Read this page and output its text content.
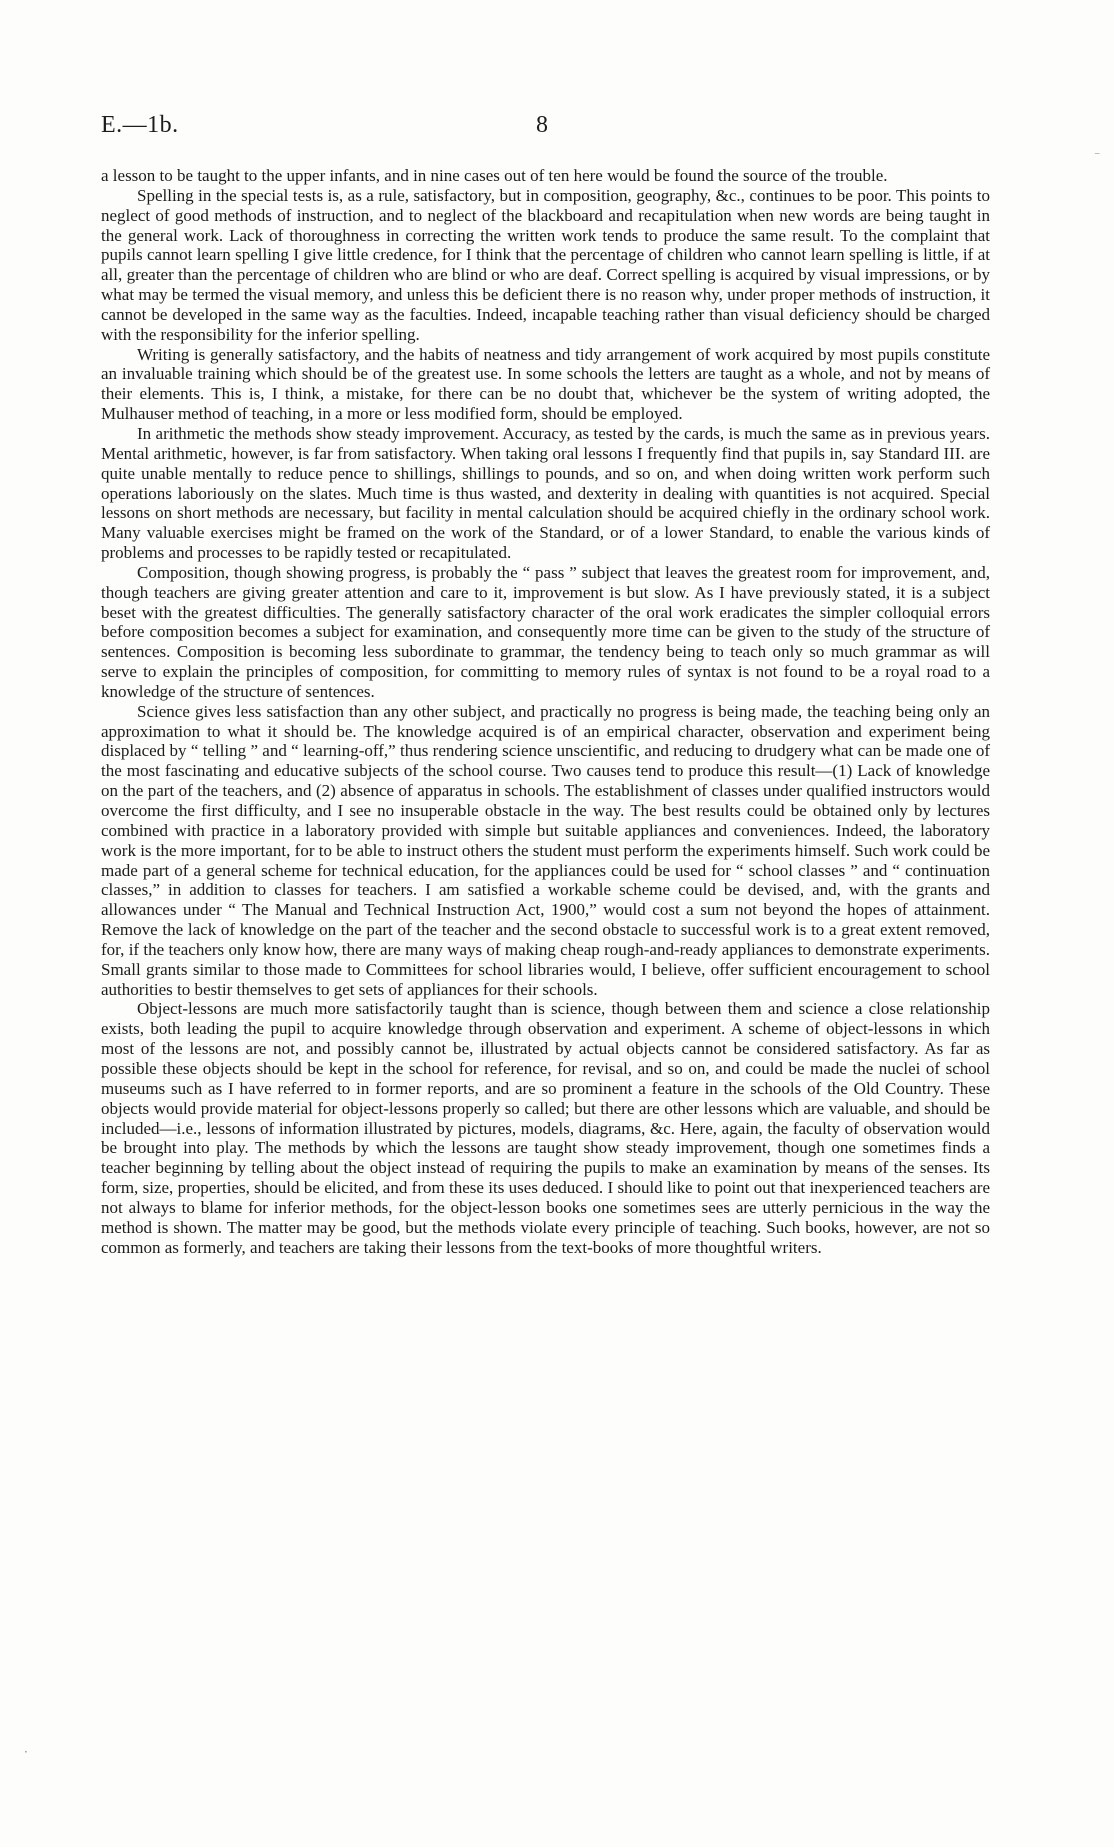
E.—1b.	8

a lesson to be taught to the upper infants, and in nine cases out of ten here would be found the source of the trouble.

Spelling in the special tests is, as a rule, satisfactory, but in composition, geography, &c., continues to be poor. This points to neglect of good methods of instruction, and to neglect of the blackboard and recapitulation when new words are being taught in the general work. Lack of thoroughness in correcting the written work tends to produce the same result. To the complaint that pupils cannot learn spelling I give little credence, for I think that the percentage of children who cannot learn spelling is little, if at all, greater than the percentage of children who are blind or who are deaf. Correct spelling is acquired by visual impressions, or by what may be termed the visual memory, and unless this be deficient there is no reason why, under proper methods of instruction, it cannot be developed in the same way as the faculties. Indeed, incapable teaching rather than visual deficiency should be charged with the responsibility for the inferior spelling.

Writing is generally satisfactory, and the habits of neatness and tidy arrangement of work acquired by most pupils constitute an invaluable training which should be of the greatest use. In some schools the letters are taught as a whole, and not by means of their elements. This is, I think, a mistake, for there can be no doubt that, whichever be the system of writing adopted, the Mulhauser method of teaching, in a more or less modified form, should be employed.

In arithmetic the methods show steady improvement. Accuracy, as tested by the cards, is much the same as in previous years. Mental arithmetic, however, is far from satisfactory. When taking oral lessons I frequently find that pupils in, say Standard III. are quite unable mentally to reduce pence to shillings, shillings to pounds, and so on, and when doing written work perform such operations laboriously on the slates. Much time is thus wasted, and dexterity in dealing with quantities is not acquired. Special lessons on short methods are necessary, but facility in mental calculation should be acquired chiefly in the ordinary school work. Many valuable exercises might be framed on the work of the Standard, or of a lower Standard, to enable the various kinds of problems and processes to be rapidly tested or recapitulated.

Composition, though showing progress, is probably the “ pass ” subject that leaves the greatest room for improvement, and, though teachers are giving greater attention and care to it, improvement is but slow. As I have previously stated, it is a subject beset with the greatest difficulties. The generally satisfactory character of the oral work eradicates the simpler colloquial errors before composition becomes a subject for examination, and consequently more time can be given to the study of the structure of sentences. Composition is becoming less subordinate to grammar, the tendency being to teach only so much grammar as will serve to explain the principles of composition, for committing to memory rules of syntax is not found to be a royal road to a knowledge of the structure of sentences.

Science gives less satisfaction than any other subject, and practically no progress is being made, the teaching being only an approximation to what it should be. The knowledge acquired is of an empirical character, observation and experiment being displaced by “ telling ” and “ learning-off,” thus rendering science unscientific, and reducing to drudgery what can be made one of the most fascinating and educative subjects of the school course. Two causes tend to produce this result—(1) Lack of knowledge on the part of the teachers, and (2) absence of apparatus in schools. The establishment of classes under qualified instructors would overcome the first difficulty, and I see no insuperable obstacle in the way. The best results could be obtained only by lectures combined with practice in a laboratory provided with simple but suitable appliances and conveniences. Indeed, the laboratory work is the more important, for to be able to instruct others the student must perform the experiments himself. Such work could be made part of a general scheme for technical education, for the appliances could be used for “ school classes ” and “ continuation classes,” in addition to classes for teachers. I am satisfied a workable scheme could be devised, and, with the grants and allowances under “ The Manual and Technical Instruction Act, 1900,” would cost a sum not beyond the hopes of attainment. Remove the lack of knowledge on the part of the teacher and the second obstacle to successful work is to a great extent removed, for, if the teachers only know how, there are many ways of making cheap rough-and-ready appliances to demonstrate experiments. Small grants similar to those made to Committees for school libraries would, I believe, offer sufficient encouragement to school authorities to bestir themselves to get sets of appliances for their schools.

Object-lessons are much more satisfactorily taught than is science, though between them and science a close relationship exists, both leading the pupil to acquire knowledge through observation and experiment. A scheme of object-lessons in which most of the lessons are not, and possibly cannot be, illustrated by actual objects cannot be considered satisfactory. As far as possible these objects should be kept in the school for reference, for revisal, and so on, and could be made the nuclei of school museums such as I have referred to in former reports, and are so prominent a feature in the schools of the Old Country. These objects would provide material for object-lessons properly so called; but there are other lessons which are valuable, and should be included—i.e., lessons of information illustrated by pictures, models, diagrams, &c. Here, again, the faculty of observation would be brought into play. The methods by which the lessons are taught show steady improvement, though one sometimes finds a teacher beginning by telling about the object instead of requiring the pupils to make an examination by means of the senses. Its form, size, properties, should be elicited, and from these its uses deduced. I should like to point out that inexperienced teachers are not always to blame for inferior methods, for the object-lesson books one sometimes sees are utterly pernicious in the way the method is shown. The matter may be good, but the methods violate every principle of teaching. Such books, however, are not so common as formerly, and teachers are taking their lessons from the text-books of more thoughtful writers.

⁻
·
